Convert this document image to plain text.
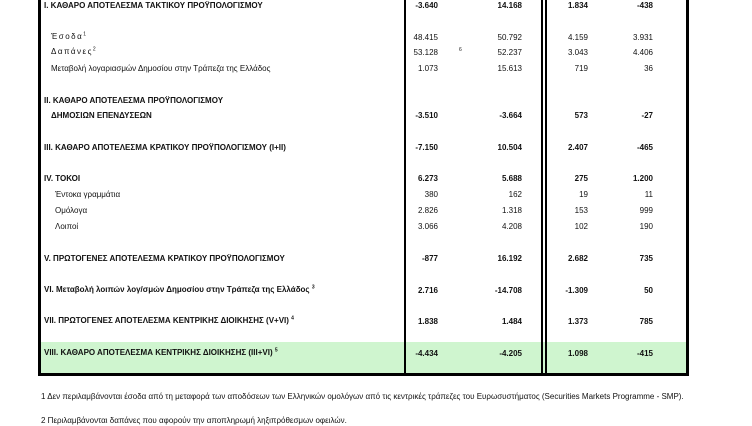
I. ΚΑΘΑΡΟ ΑΠΟΤΕΛΕΣΜΑ ΤΑΚΤΙΚΟΥ ΠΡΟΫΠΟΛΟΓΙΣΜΟΥ	-3.640	14.168	1.834	-438
Έσοδα$^1$	48.415	50.792	4.159	3.931
Δαπάνες$^2$	53.128	6	52.237	3.043	4.406
Μεταβολή λογαριασμών Δημοσίου στην Τράπεζα της Ελλάδος	1.073	15.613	719	36
II. ΚΑΘΑΡΟ ΑΠΟΤΕΛΕΣΜΑ ΠΡΟΫΠΟΛΟΓΙΣΜΟΥ
ΔΗΜΟΣΙΩΝ ΕΠΕΝΔΥΣΕΩΝ	-3.510	-3.664	573	-27
III. ΚΑΘΑΡΟ ΑΠΟΤΕΛΕΣΜΑ ΚΡΑΤΙΚΟΥ ΠΡΟΫΠΟΛΟΓΙΣΜΟΥ (I+II)	-7.150	10.504	2.407	-465
IV. ΤΟΚΟΙ	6.273	5.688	275	1.200
Έντοκα γραμμάτια	380	162	19	11
Ομόλογα	2.826	1.318	153	999
Λοιποί	3.066	4.208	102	190
V. ΠΡΩΤΟΓΕΝΕΣ ΑΠΟΤΕΛΕΣΜΑ ΚΡΑΤΙΚΟΥ ΠΡΟΫΠΟΛΟΓΙΣΜΟΥ	-877	16.192	2.682	735
VI. Μεταβολή λοιπών λογ/σμών Δημοσίου στην Τράπεζα της Ελλάδος $^3$	2.716	-14.708	-1.309	50
VII. ΠΡΩΤΟΓΕΝΕΣ ΑΠΟΤΕΛΕΣΜΑ ΚΕΝΤΡΙΚΗΣ ΔΙΟΙΚΗΣΗΣ (V+VI) $^4$	1.838	1.484	1.373	785
VIII. ΚΑΘΑΡΟ ΑΠΟΤΕΛΕΣΜΑ ΚΕΝΤΡΙΚΗΣ ΔΙΟΙΚΗΣΗΣ (III+VI) $^5$	-4.434	-4.205	1.098	-415
1 Δεν περιλαμβάνονται έσοδα από τη μεταφορά των αποδόσεων των Ελληνικών ομολόγων από τις κεντρικές τράπεζες του Ευρωσυστήματος (Securities Markets Programme - SMP).
2 Περιλαμβάνονται δαπάνες που αφορούν την αποπληρωμή ληξιπρόθεσμων οφειλών.
